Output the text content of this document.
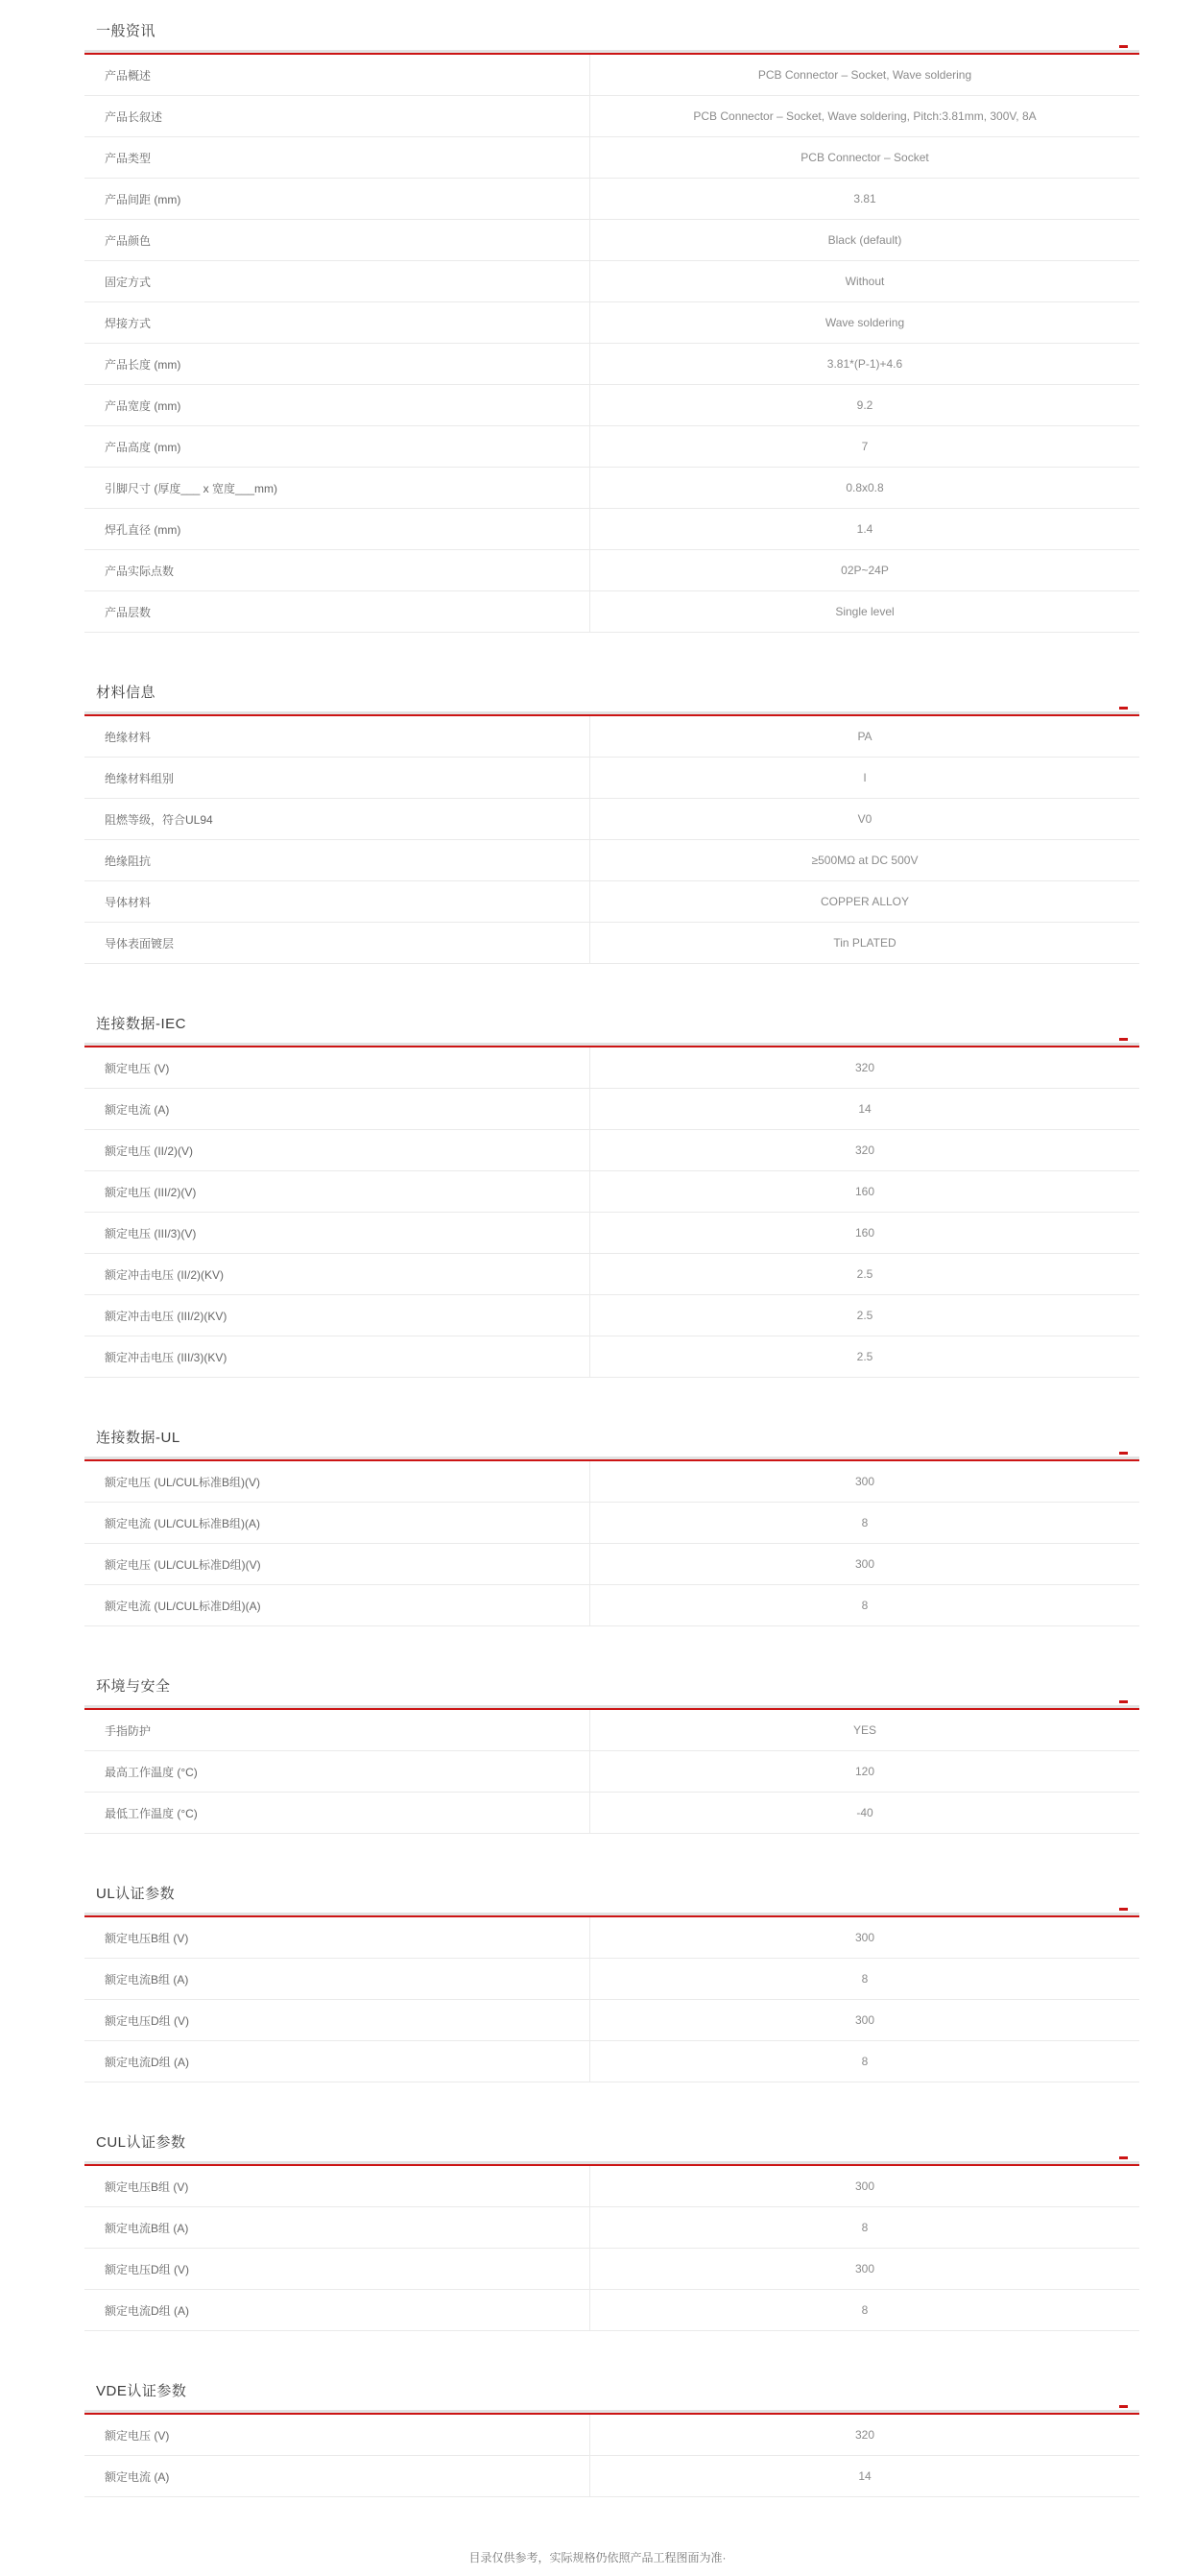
一般资讯
产品概述	PCB Connector – Socket, Wave soldering
产品长叙述	PCB Connector – Socket, Wave soldering, Pitch:3.81mm, 300V, 8A
产品类型	PCB Connector – Socket
产品间距 (mm)	3.81
产品颜色	Black (default)
固定方式	Without
焊接方式	Wave soldering
产品长度 (mm)	3.81*(P-1)+4.6
产品宽度 (mm)	9.2
产品高度 (mm)	7
引脚尺寸 (厚度___ x 宽度___mm)	0.8x0.8
焊孔直径 (mm)	1.4
产品实际点数	02P~24P
产品层数	Single level
材料信息
绝缘材料	PA
绝缘材料组别	I
阻燃等级，符合UL94	V0
绝缘阻抗	≥500MΩ at DC 500V
导体材料	COPPER ALLOY
导体表面镀层	Tin PLATED
连接数据-IEC
额定电压 (V)	320
额定电流 (A)	14
额定电压 (II/2)(V)	320
额定电压 (III/2)(V)	160
额定电压 (III/3)(V)	160
额定冲击电压 (II/2)(KV)	2.5
额定冲击电压 (III/2)(KV)	2.5
额定冲击电压 (III/3)(KV)	2.5
连接数据-UL
额定电压 (UL/CUL标准B组)(V)	300
额定电流 (UL/CUL标准B组)(A)	8
额定电压 (UL/CUL标准D组)(V)	300
额定电流 (UL/CUL标准D组)(A)	8
环境与安全
手指防护	YES
最高工作温度 (°C)	120
最低工作温度 (°C)	-40
UL认证参数
额定电压B组 (V)	300
额定电流B组 (A)	8
额定电压D组 (V)	300
额定电流D组 (A)	8
CUL认证参数
额定电压B组 (V)	300
额定电流B组 (A)	8
额定电压D组 (V)	300
额定电流D组 (A)	8
VDE认证参数
额定电压 (V)	320
额定电流 (A)	14
目录仅供参考，实际规格仍依照产品工程图面为准·
